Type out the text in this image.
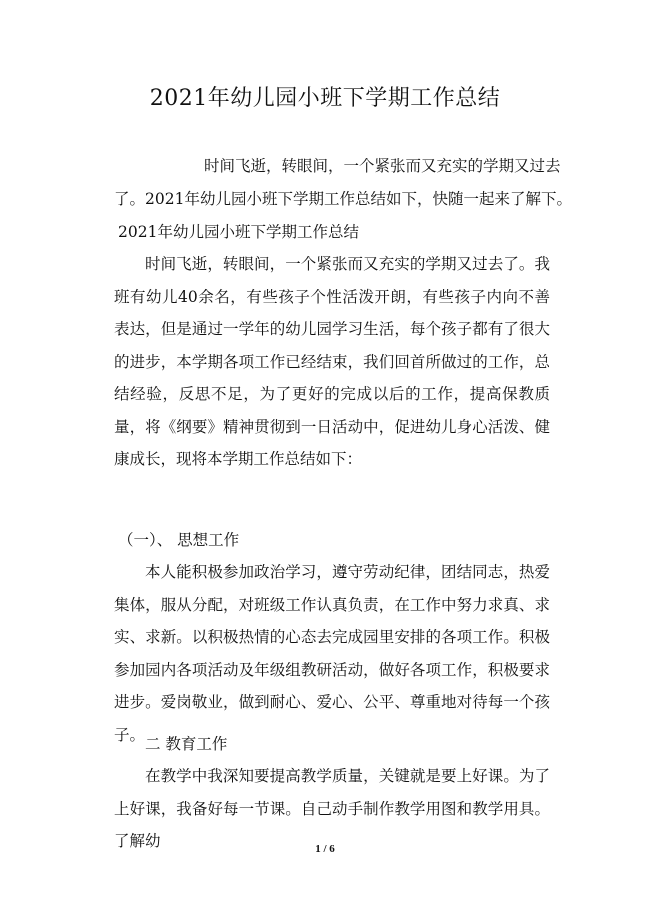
2021年幼儿园小班下学期工作总结
时间飞逝，转眼间，一个紧张而又充实的学期又过去
了。2021年幼儿园小班下学期工作总结如下，快随一起来了解下。
2021年幼儿园小班下学期工作总结
时间飞逝，转眼间，一个紧张而又充实的学期又过去了。我班有幼儿40余名，有些孩子个性活泼开朗，有些孩子内向不善表达，但是通过一学年的幼儿园学习生活，每个孩子都有了很大的进步，本学期各项工作已经结束，我们回首所做过的工作，总结经验，反思不足，为了更好的完成以后的工作，提高保教质量，将《纲要》精神贯彻到一日活动中，促进幼儿身心活泼、健康成长，现将本学期工作总结如下：
（一）、 思想工作
本人能积极参加政治学习，遵守劳动纪律，团结同志，热爱集体，服从分配，对班级工作认真负责，在工作中努力求真、求实、求新。以积极热情的心态去完成园里安排的各项工作。积极参加园内各项活动及年级组教研活动，做好各项工作，积极要求进步。爱岗敬业，做到耐心、爱心、公平、尊重地对待每一个孩子。
二 教育工作
在教学中我深知要提高教学质量，关键就是要上好课。为了上好课，我备好每一节课。自己动手制作教学用图和教学用具。了解幼	1 / 6
